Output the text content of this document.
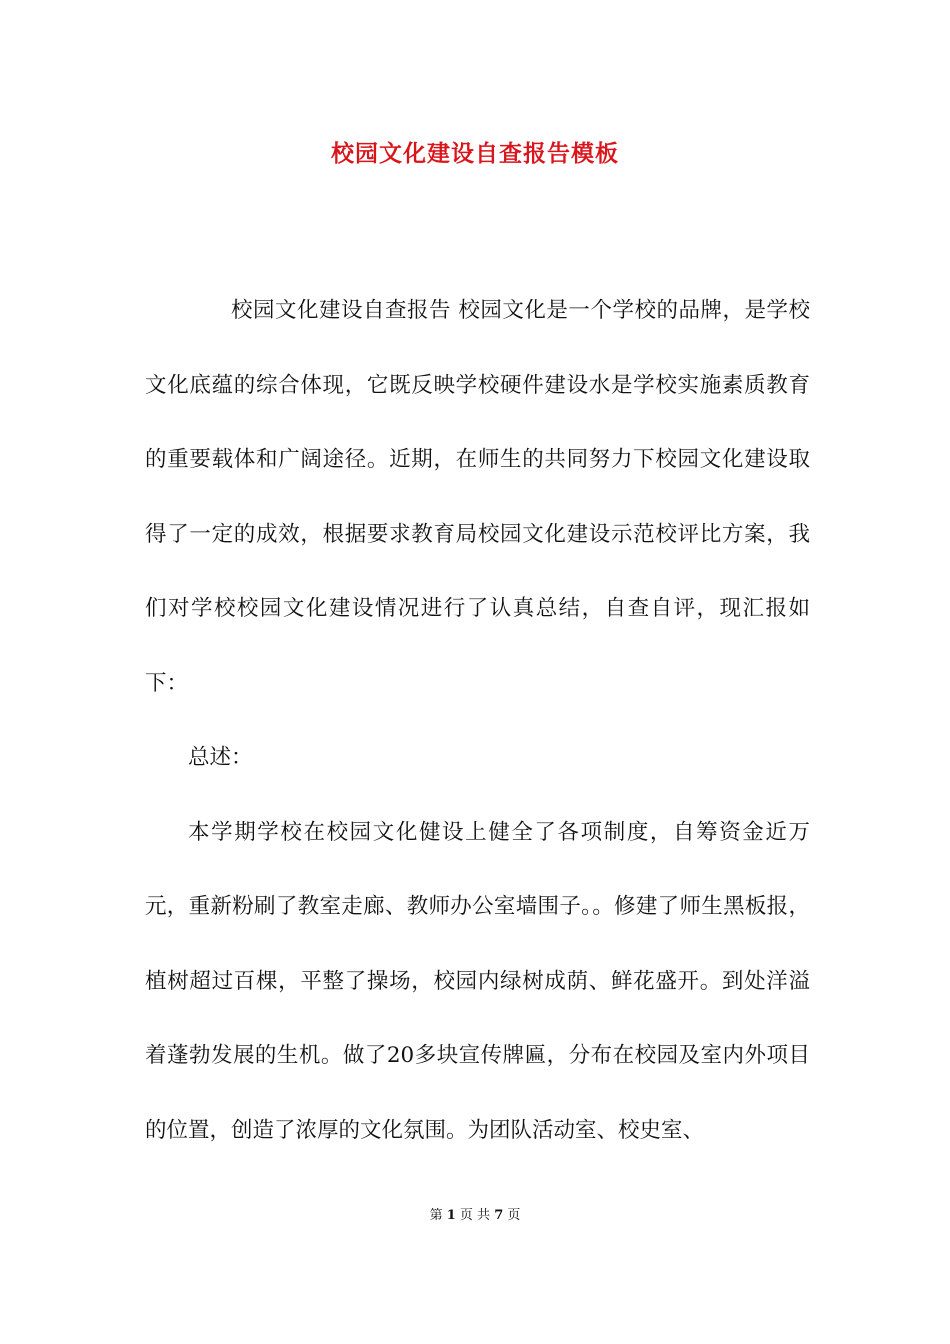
校园文化建设自查报告模板

校园文化建设自查报告 校园文化是一个学校的品牌，是学校文化底蕴的综合体现，它既反映学校硬件建设水是学校实施素质教育的重要载体和广阔途径。近期，在师生的共同努力下校园文化建设取得了一定的成效，根据要求教育局校园文化建设示范校评比方案，我们对学校校园文化建设情况进行了认真总结，自查自评，现汇报如下：

总述：

本学期学校在校园文化健设上健全了各项制度，自筹资金近万元，重新粉刷了教室走廊、教师办公室墙围子。。修建了师生黑板报，植树超过百棵，平整了操场，校园内绿树成荫、鲜花盛开。到处洋溢着蓬勃发展的生机。做了20多块宣传牌匾，分布在校园及室内外项目的位置，创造了浓厚的文化氛围。为团队活动室、校史室、

第 1 页 共 7 页
